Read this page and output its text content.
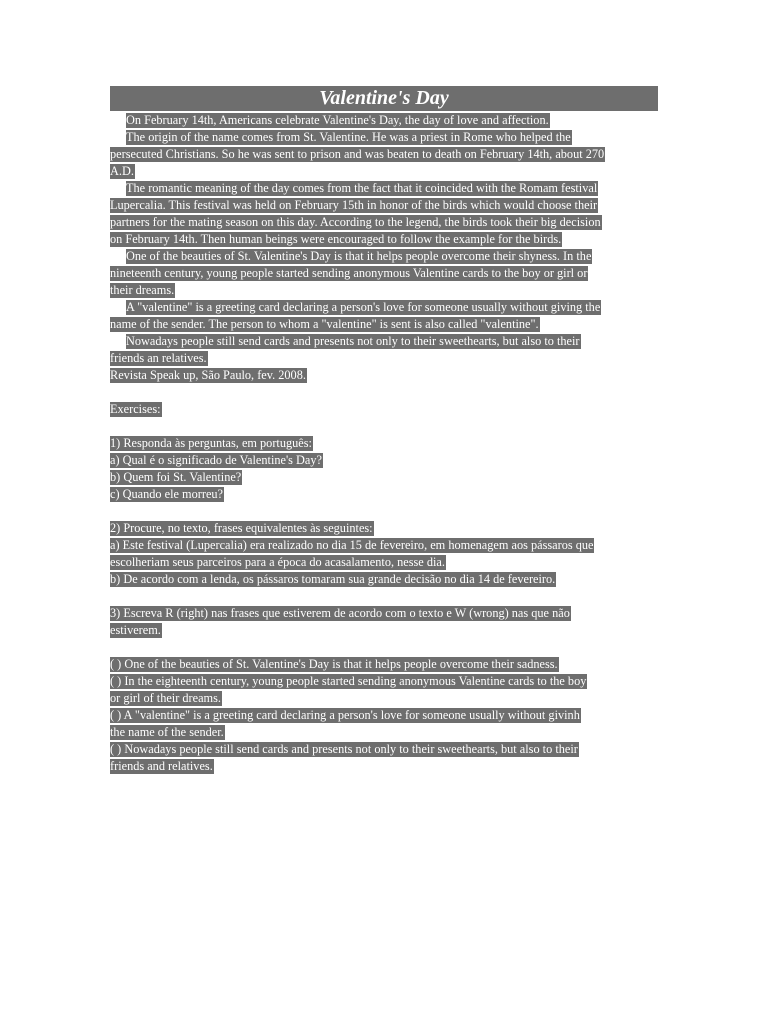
Valentine's Day
On February 14th, Americans celebrate Valentine's Day, the day of love and affection.
The origin of the name comes from St. Valentine. He was a priest in Rome who helped the
persecuted Christians. So he was sent to prison and was beaten to death on February 14th, about 270
A.D.
The romantic meaning of the day comes from the fact that it coincided with the Romam festival
Lupercalia. This festival was held on February 15th in honor of the birds which would choose their
partners for the mating season on this day. According to the legend, the birds took their big decision
on February 14th. Then human beings were encouraged to follow the example for the birds.
One of the beauties of St. Valentine's Day is that it helps people overcome their shyness. In the
nineteenth century, young people started sending anonymous Valentine cards to the boy or girl or
their dreams.
A "valentine" is a greeting card declaring a person's love for someone usually without giving the
name of the sender. The person to whom a "valentine" is sent is also called "valentine".
Nowadays people still send cards and presents not only to their sweethearts, but also to their
friends an relatives.
Revista Speak up, São Paulo, fev. 2008.
Exercises:
1) Responda às perguntas, em português:
a) Qual é o significado de Valentine's Day?
b) Quem foi St. Valentine?
c) Quando ele morreu?
2) Procure, no texto, frases equivalentes às seguintes:
a) Este festival (Lupercalia) era realizado no dia 15 de fevereiro, em homenagem aos pássaros que
escolheriam seus parceiros para a época do acasalamento, nesse dia.
b) De acordo com a lenda, os pássaros tomaram sua grande decisão no dia 14 de fevereiro.
3) Escreva R (right) nas frases que estiverem de acordo com o texto e W (wrong) nas que não
estiverem.
( ) One of the beauties of St. Valentine's Day is that it helps people overcome their sadness.
( ) In the eighteenth century, young people started sending anonymous Valentine cards to the boy
or girl of their dreams.
( ) A "valentine" is a greeting card declaring a person's love for someone usually without givinh
the name of the sender.
( ) Nowadays people still send cards and presents not only to their sweethearts, but also to their
friends and relatives.
